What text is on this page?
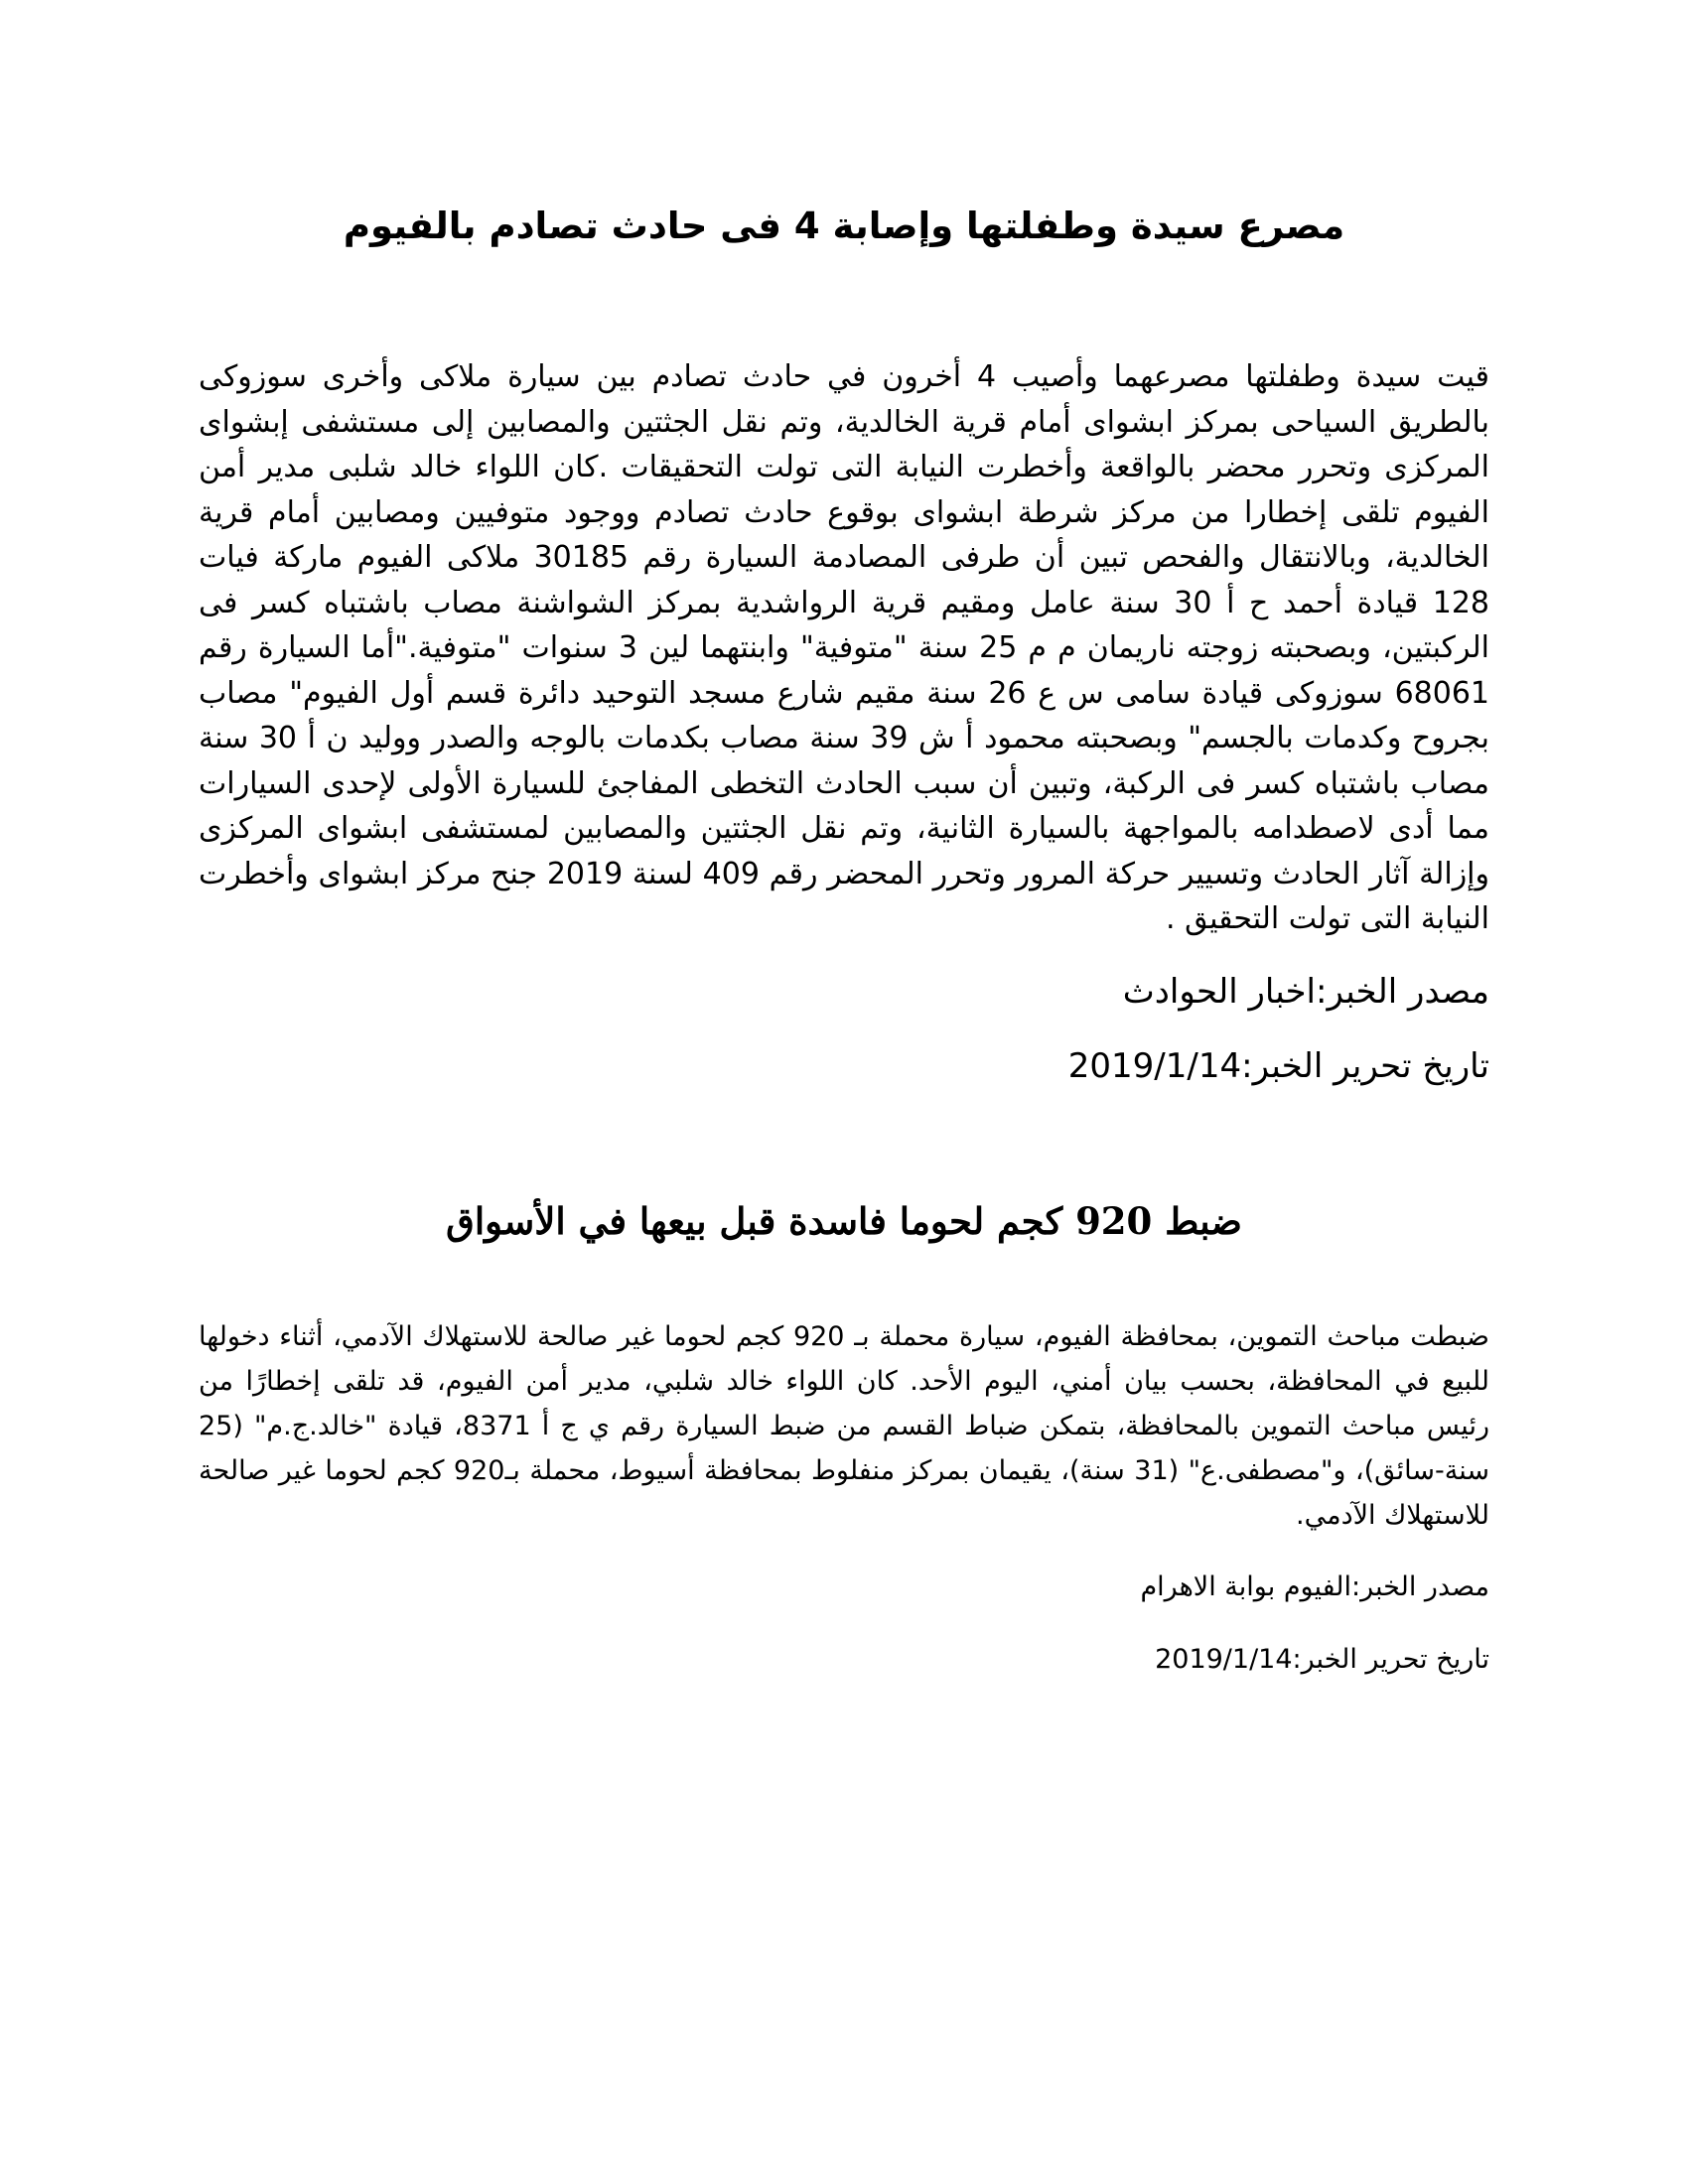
مصرع سيدة وطفلتها وإصابة 4 فى حادث تصادم بالفيوم

قيت سيدة وطفلتها مصرعهما وأصيب 4 أخرون في حادث تصادم بين سيارة ملاكى وأخرى سوزوكى بالطريق السياحى بمركز ابشواى أمام قرية الخالدية، وتم نقل الجثتين والمصابين إلى مستشفى إبشواى المركزى وتحرر محضر بالواقعة وأخطرت النيابة التى تولت التحقيقات .كان اللواء خالد شلبى مدير أمن الفيوم تلقى إخطارا من مركز شرطة ابشواى بوقوع حادث تصادم ووجود متوفيين ومصابين أمام قرية الخالدية، وبالانتقال والفحص تبين أن طرفى المصادمة السيارة رقم 30185 ملاكى الفيوم ماركة فيات 128 قيادة أحمد ح أ 30 سنة عامل ومقيم قرية الرواشدية بمركز الشواشنة مصاب باشتباه كسر فى الركبتين، وبصحبته زوجته ناريمان م م 25 سنة "متوفية" وابنتهما لين 3 سنوات "متوفية."أما السيارة رقم 68061 سوزوكى قيادة سامى س ع 26 سنة مقيم شارع مسجد التوحيد دائرة قسم أول الفيوم" مصاب بجروح وكدمات بالجسم" وبصحبته محمود أ ش 39 سنة مصاب بكدمات بالوجه والصدر ووليد ن أ 30 سنة مصاب باشتباه كسر فى الركبة، وتبين أن سبب الحادث التخطى المفاجئ للسيارة الأولى لإحدى السيارات مما أدى لاصطدامه بالمواجهة بالسيارة الثانية، وتم نقل الجثتين والمصابين لمستشفى ابشواى المركزى وإزالة آثار الحادث وتسيير حركة المرور وتحرر المحضر رقم 409 لسنة 2019 جنح مركز ابشواى وأخطرت النيابة التى تولت التحقيق .

مصدر الخبر:اخبار الحوادث

تاريخ تحرير الخبر:2019/1/14

ضبط 920 كجم لحوما فاسدة قبل بيعها في الأسواق

ضبطت مباحث التموين، بمحافظة الفيوم، سيارة محملة بـ 920 كجم لحوما غير صالحة للاستهلاك الآدمي، أثناء دخولها للبيع في المحافظة، بحسب بيان أمني، اليوم الأحد. كان اللواء خالد شلبي، مدير أمن الفيوم، قد تلقى إخطارًا من رئيس مباحث التموين بالمحافظة، بتمكن ضباط القسم من ضبط السيارة رقم ي ج أ 8371، قيادة "خالد.ج.م" (25 سنة-سائق)، و"مصطفى.ع" (31 سنة)، يقيمان بمركز منفلوط بمحافظة أسيوط، محملة بـ920 كجم لحوما غير صالحة للاستهلاك الآدمي.

مصدر الخبر:الفيوم بوابة الاهرام

تاريخ تحرير الخبر:2019/1/14
